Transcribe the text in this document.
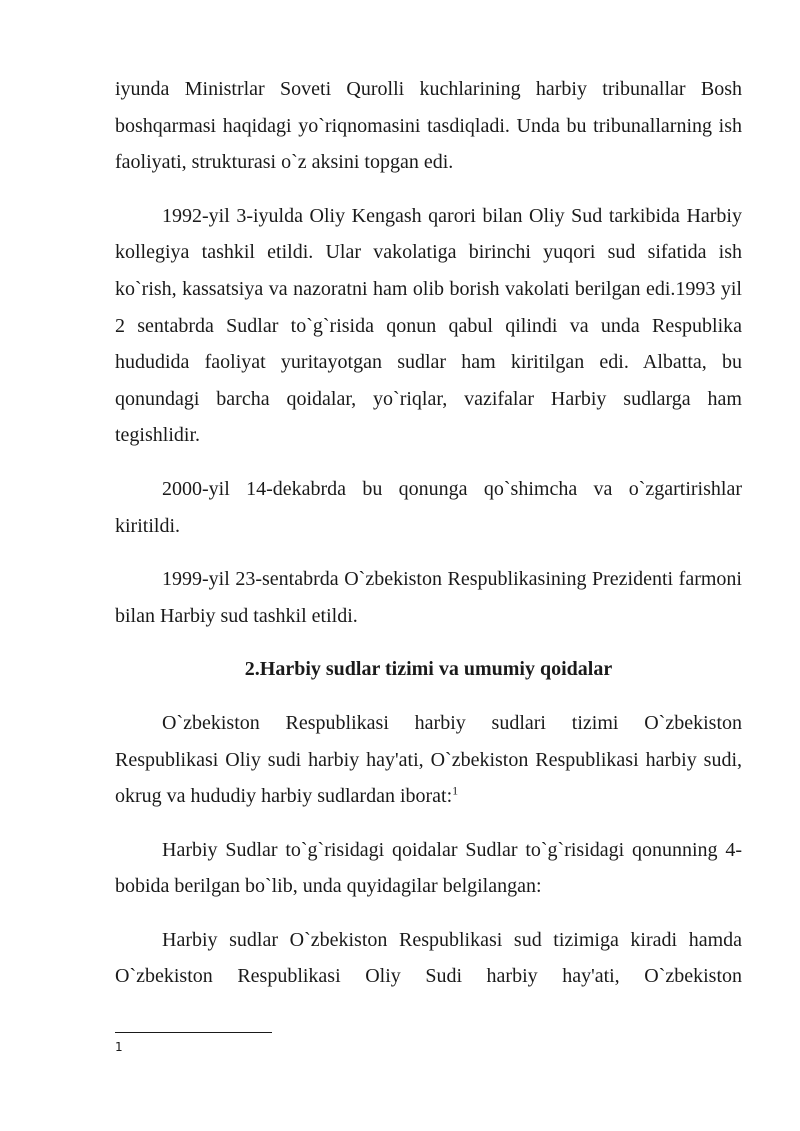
iyunda Ministrlar Soveti Qurolli kuchlarining harbiy tribunallar Bosh boshqarmasi haqidagi yo`riqnomasini tasdiqladi. Unda bu tribunallarning ish faoliyati, strukturasi o`z aksini topgan edi.

1992-yil 3-iyulda Oliy Kengash qarori bilan Oliy Sud tarkibida Harbiy kollegiya tashkil etildi. Ular vakolatiga birinchi yuqori sud sifatida ish ko`rish, kassatsiya va nazoratni ham olib borish vakolati berilgan edi.1993 yil 2 sentabrda Sudlar to`g`risida qonun qabul qilindi va unda Respublika hududida faoliyat yuritayotgan sudlar ham kiritilgan edi. Albatta, bu qonundagi barcha qoidalar, yo`riqlar, vazifalar Harbiy sudlarga ham tegishlidir.

2000-yil 14-dekabrda bu qonunga qo`shimcha va o`zgartirishlar kiritildi.

1999-yil 23-sentabrda O`zbekiston Respublikasining Prezidenti farmoni bilan Harbiy sud tashkil etildi.

2.Harbiy sudlar tizimi va umumiy qoidalar

O`zbekiston Respublikasi harbiy sudlari tizimi O`zbekiston Respublikasi Oliy sudi harbiy hay'ati, O`zbekiston Respublikasi harbiy sudi, okrug va hududiy harbiy sudlardan iborat:$^1$

Harbiy Sudlar to`g`risidagi qoidalar Sudlar to`g`risidagi qonunning 4-bobida berilgan bo`lib, unda quyidagilar belgilangan:

Harbiy sudlar O`zbekiston Respublikasi sud tizimiga kiradi hamda O`zbekiston Respublikasi Oliy Sudi harbiy hay'ati, O`zbekiston

1
